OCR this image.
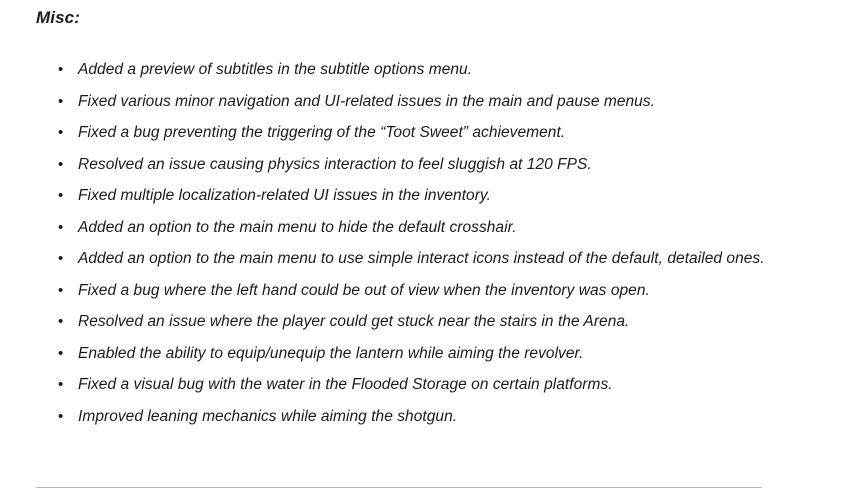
Misc:
• Added a preview of subtitles in the subtitle options menu.
• Fixed various minor navigation and UI-related issues in the main and pause menus.
• Fixed a bug preventing the triggering of the “Toot Sweet” achievement.
• Resolved an issue causing physics interaction to feel sluggish at 120 FPS.
• Fixed multiple localization-related UI issues in the inventory.
• Added an option to the main menu to hide the default crosshair.
• Added an option to the main menu to use simple interact icons instead of the default, detailed ones.
• Fixed a bug where the left hand could be out of view when the inventory was open.
• Resolved an issue where the player could get stuck near the stairs in the Arena.
• Enabled the ability to equip/unequip the lantern while aiming the revolver.
• Fixed a visual bug with the water in the Flooded Storage on certain platforms.
• Improved leaning mechanics while aiming the shotgun.
